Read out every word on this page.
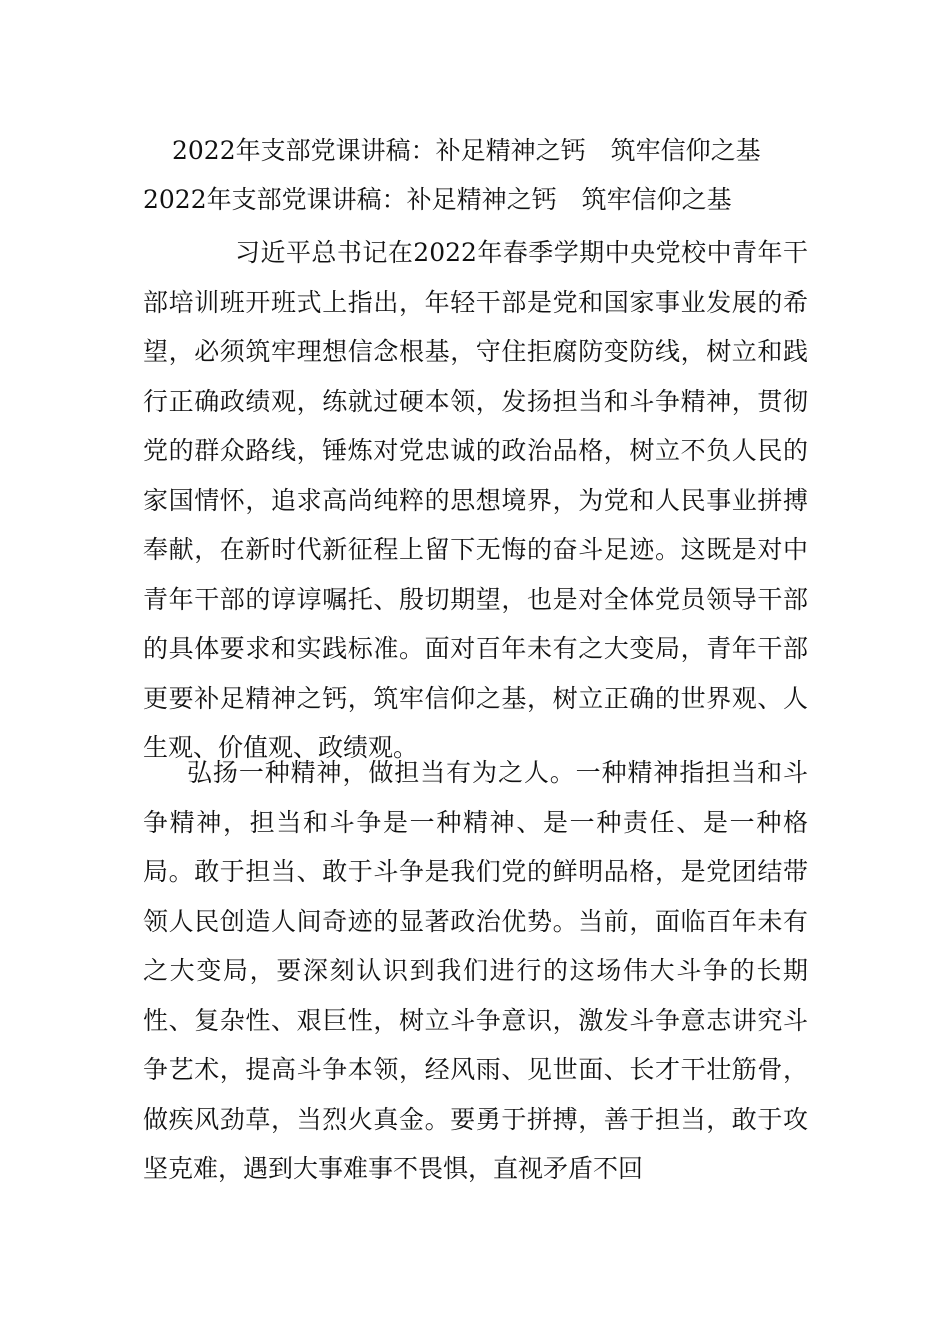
2022年支部党课讲稿：补足精神之钙　筑牢信仰之基
2022年支部党课讲稿：补足精神之钙　筑牢信仰之基

习近平总书记在2022年春季学期中央党校中青年干部培训班开班式上指出，年轻干部是党和国家事业发展的希望，必须筑牢理想信念根基，守住拒腐防变防线，树立和践行正确政绩观，练就过硬本领，发扬担当和斗争精神，贯彻党的群众路线，锤炼对党忠诚的政治品格，树立不负人民的家国情怀，追求高尚纯粹的思想境界，为党和人民事业拼搏奉献，在新时代新征程上留下无悔的奋斗足迹。这既是对中青年干部的谆谆嘱托、殷切期望，也是对全体党员领导干部的具体要求和实践标准。面对百年未有之大变局，青年干部更要补足精神之钙，筑牢信仰之基，树立正确的世界观、人生观、价值观、政绩观。

弘扬一种精神，做担当有为之人。一种精神指担当和斗争精神，担当和斗争是一种精神、是一种责任、是一种格局。敢于担当、敢于斗争是我们党的鲜明品格，是党团结带领人民创造人间奇迹的显著政治优势。当前，面临百年未有之大变局，要深刻认识到我们进行的这场伟大斗争的长期性、复杂性、艰巨性，树立斗争意识，激发斗争意志讲究斗争艺术，提高斗争本领，经风雨、见世面、长才干壮筋骨，做疾风劲草，当烈火真金。要勇于拼搏，善于担当，敢于攻坚克难，遇到大事难事不畏惧，直视矛盾不回
